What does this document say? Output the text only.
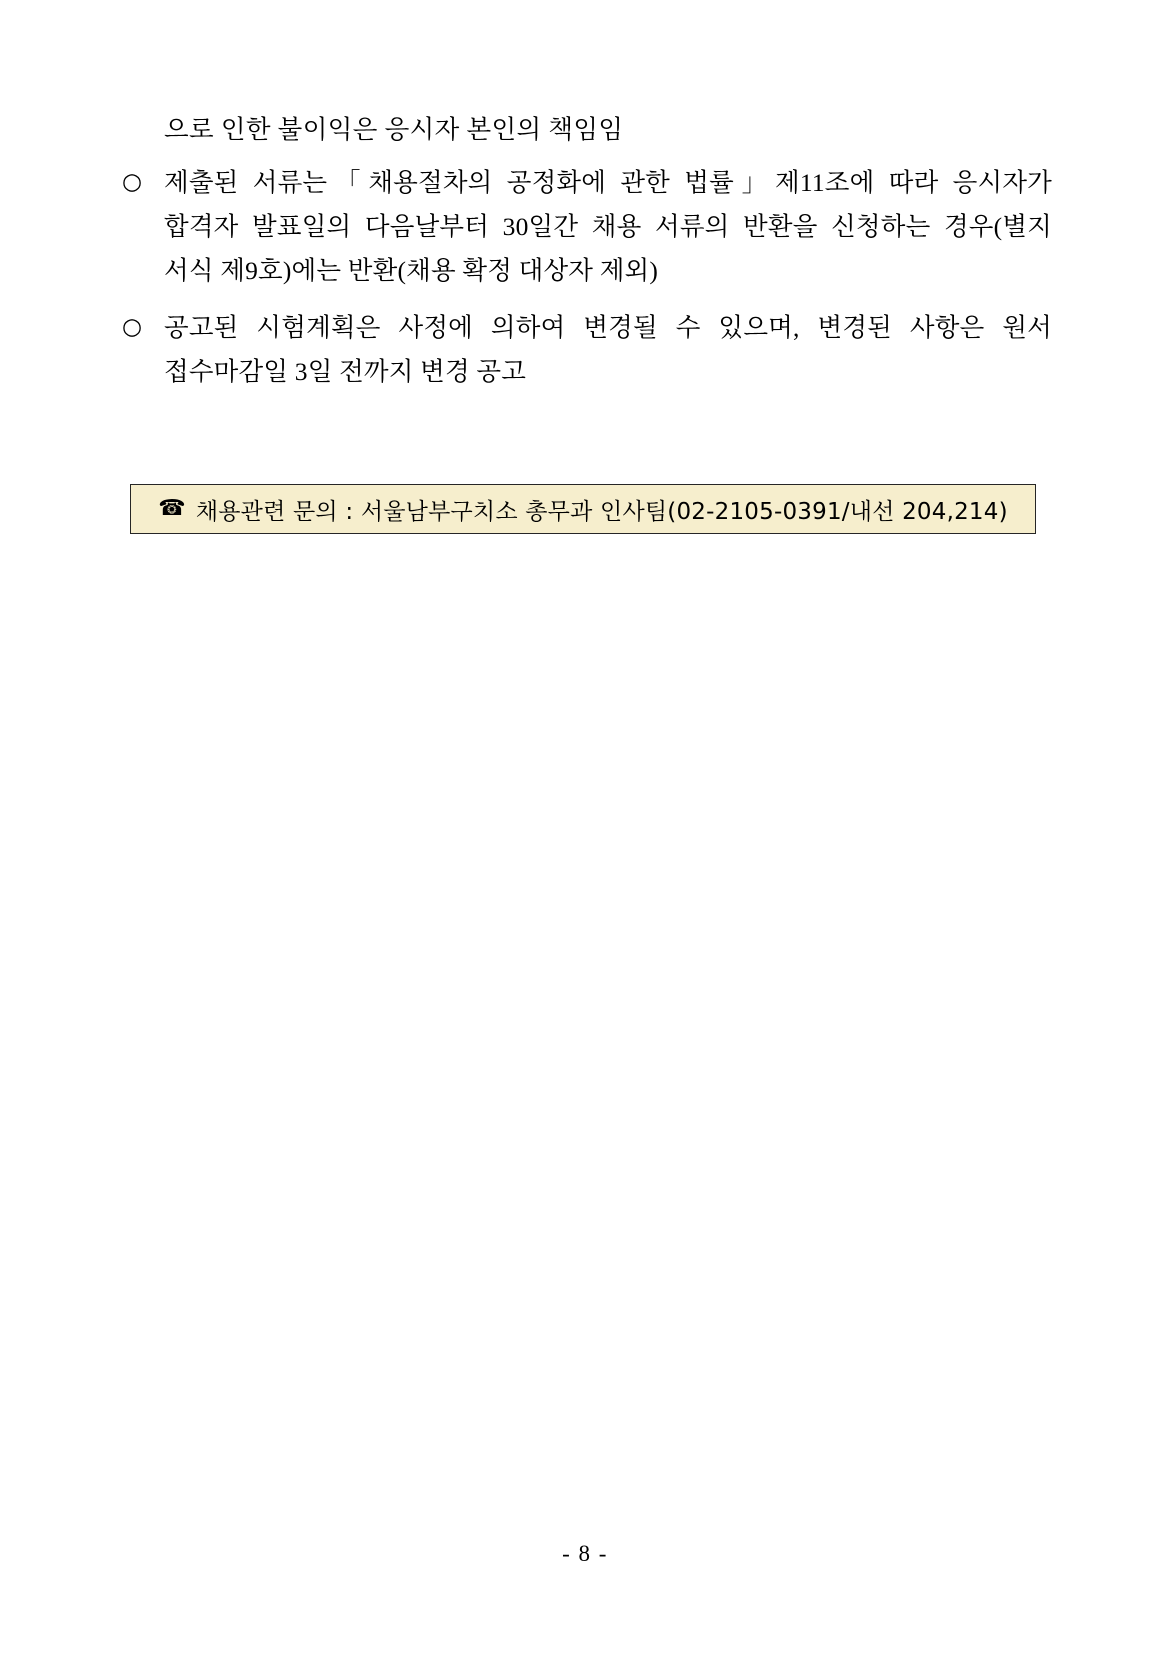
으로 인한 불이익은 응시자 본인의 책임임
○ 제출된 서류는「채용절차의 공정화에 관한 법률」제11조에 따라 응시자가
합격자 발표일의 다음날부터 30일간 채용 서류의 반환을 신청하는 경우(별지
서식 제9호)에는 반환(채용 확정 대상자 제외)
○ 공고된 시험계획은 사정에 의하여 변경될 수 있으며, 변경된 사항은 원서
접수마감일 3일 전까지 변경 공고
☎ 채용관련 문의 : 서울남부구치소 총무과 인사팀(02-2105-0391/내선 204,214)
- 8 -
